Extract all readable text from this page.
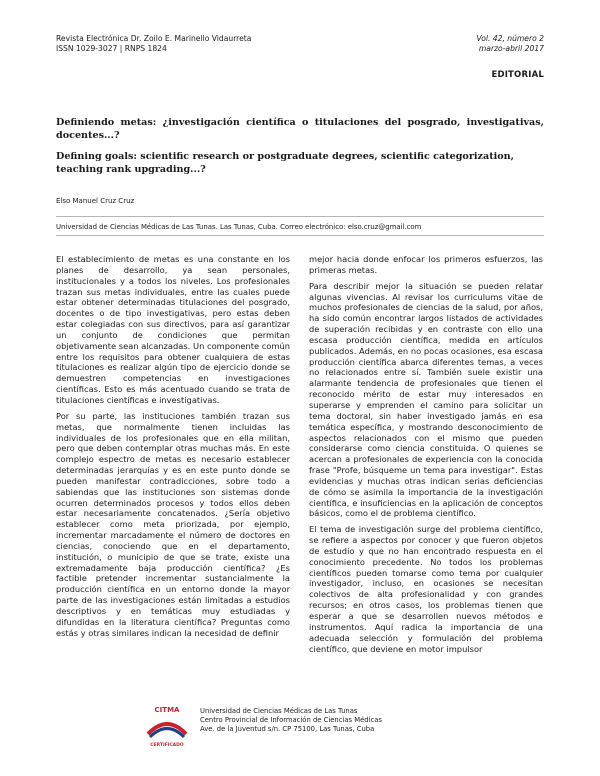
Revista Electrónica Dr. Zoilo E. Marinello Vidaurreta
ISSN 1029-3027 | RNPS 1824
Vol. 42, número 2
marzo-abril 2017
EDITORIAL
Definiendo metas: ¿investigación científica o titulaciones del posgrado, investigativas, docentes...?
Defining goals: scientific research or postgraduate degrees, scientific categorization, teaching rank upgrading...?
Elso Manuel Cruz Cruz
Universidad de Ciencias Médicas de Las Tunas. Las Tunas, Cuba. Correo electrónico: elso.cruz@gmail.com

El establecimiento de metas es una constante en los planes de desarrollo, ya sean personales, institucionales y a todos los niveles. Los profesionales trazan sus metas individuales, entre las cuales puede estar obtener determinadas titulaciones del posgrado, docentes o de tipo investigativas, pero estas deben estar colegiadas con sus directivos, para así garantizar un conjunto de condiciones que permitan objetivamente sean alcanzadas. Un componente común entre los requisitos para obtener cualquiera de estas titulaciones es realizar algún tipo de ejercicio donde se demuestren competencias en investigaciones científicas. Esto es más acentuado cuando se trata de titulaciones científicas e investigativas.

Por su parte, las instituciones también trazan sus metas, que normalmente tienen incluidas las individuales de los profesionales que en ella militan, pero que deben contemplar otras muchas más. En este complejo espectro de metas es necesario establecer determinadas jerarquías y es en este punto donde se pueden manifestar contradicciones, sobre todo a sabiendas que las instituciones son sistemas donde ocurren determinados procesos y todos ellos deben estar necesariamente concatenados. ¿Sería objetivo establecer como meta priorizada, por ejemplo, incrementar marcadamente el número de doctores en ciencias, conociendo que en el departamento, institución, o municipio de que se trate, existe una extremadamente baja producción científica? ¿Es factible pretender incrementar sustancialmente la producción científica en un entorno donde la mayor parte de las investigaciones están limitadas a estudios descriptivos y en temáticas muy estudiadas y difundidas en la literatura científica? Preguntas como estás y otras similares indican la necesidad de definir

mejor hacia donde enfocar los primeros esfuerzos, las primeras metas.

Para describir mejor la situación se pueden relatar algunas vivencias. Al revisar los curriculums vitae de muchos profesionales de ciencias de la salud, por años, ha sido común encontrar largos listados de actividades de superación recibidas y en contraste con ello una escasa producción científica, medida en artículos publicados. Además, en no pocas ocasiones, esa escasa producción científica abarca diferentes temas, a veces no relacionados entre sí. También suele existir una alarmante tendencia de profesionales que tienen el reconocido mérito de estar muy interesados en superarse y emprenden el camino para solicitar un tema doctoral, sin haber investigado jamás en esa temática específica, y mostrando desconocimiento de aspectos relacionados con el mismo que pueden considerarse como ciencia constituida. O quienes se acercan a profesionales de experiencia con la conocida frase "Profe, búsqueme un tema para investigar". Estas evidencias y muchas otras indican serias deficiencias de cómo se asimila la importancia de la investigación científica, e insuficiencias en la aplicación de conceptos básicos, como el de problema científico.

El tema de investigación surge del problema científico, se refiere a aspectos por conocer y que fueron objetos de estudio y que no han encontrado respuesta en el conocimiento precedente. No todos los problemas científicos pueden tomarse como tema por cualquier investigador, incluso, en ocasiones se necesitan colectivos de alta profesionalidad y con grandes recursos; en otros casos, los problemas tienen que esperar a que se desarrollen nuevos métodos e instrumentos. Aquí radica la importancia de una adecuada selección y formulación del problema científico, que deviene en motor impulsor

CITMA
CERTIFICADO
Universidad de Ciencias Médicas de Las Tunas
Centro Provincial de Información de Ciencias Médicas
Ave. de la Juventud s/n. CP 75100, Las Tunas, Cuba
